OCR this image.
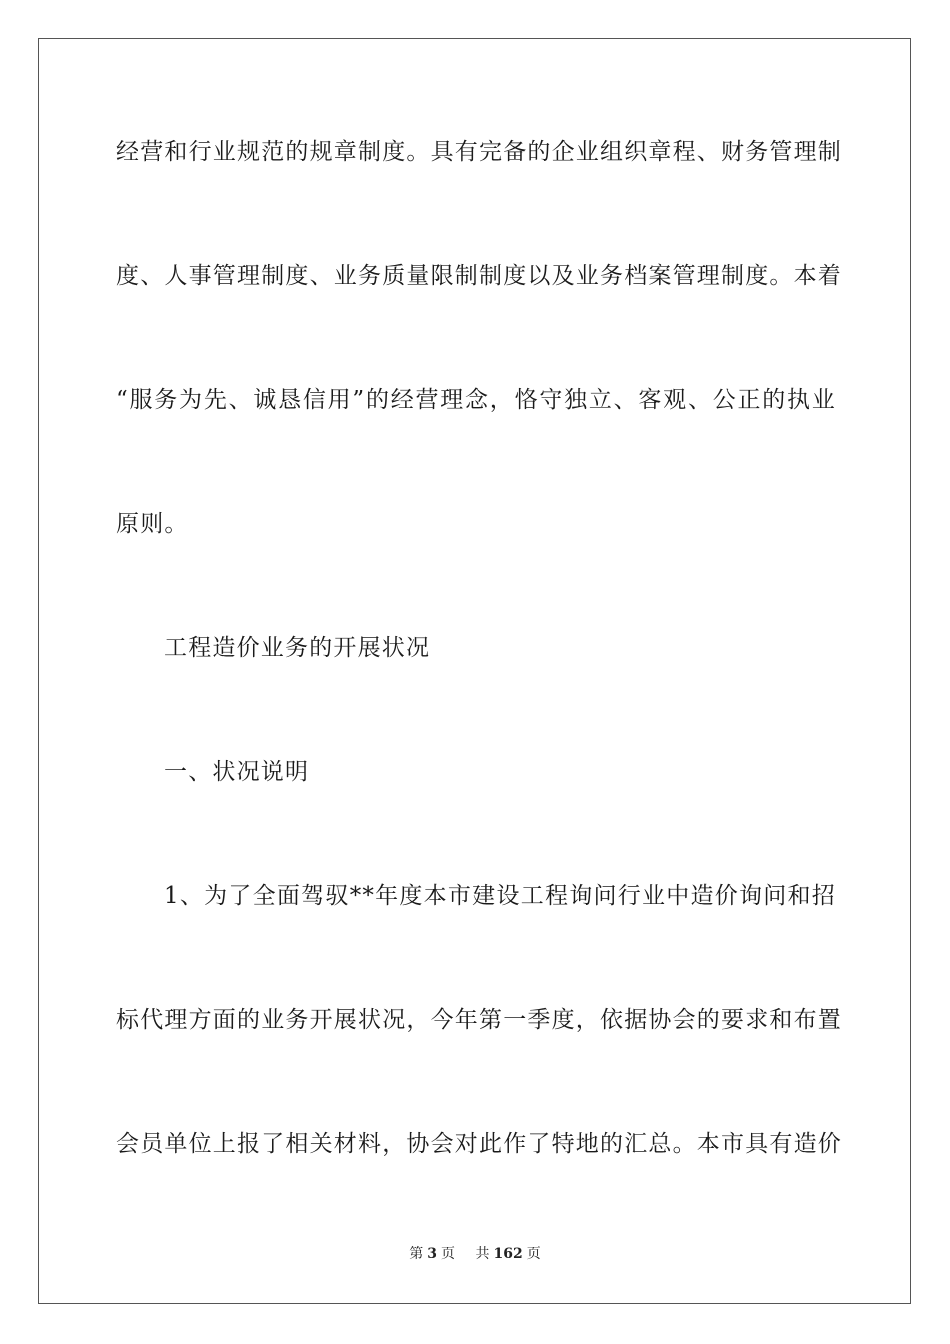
经营和行业规范的规章制度。具有完备的企业组织章程、财务管理制
度、人事管理制度、业务质量限制制度以及业务档案管理制度。本着
“服务为先、诚恳信用”的经营理念，恪守独立、客观、公正的执业
原则。
工程造价业务的开展状况
一、状况说明
1、为了全面驾驭**年度本市建设工程询问行业中造价询问和招
标代理方面的业务开展状况，今年第一季度，依据协会的要求和布置
会员单位上报了相关材料，协会对此作了特地的汇总。本市具有造价
第 3 页 共 162 页
